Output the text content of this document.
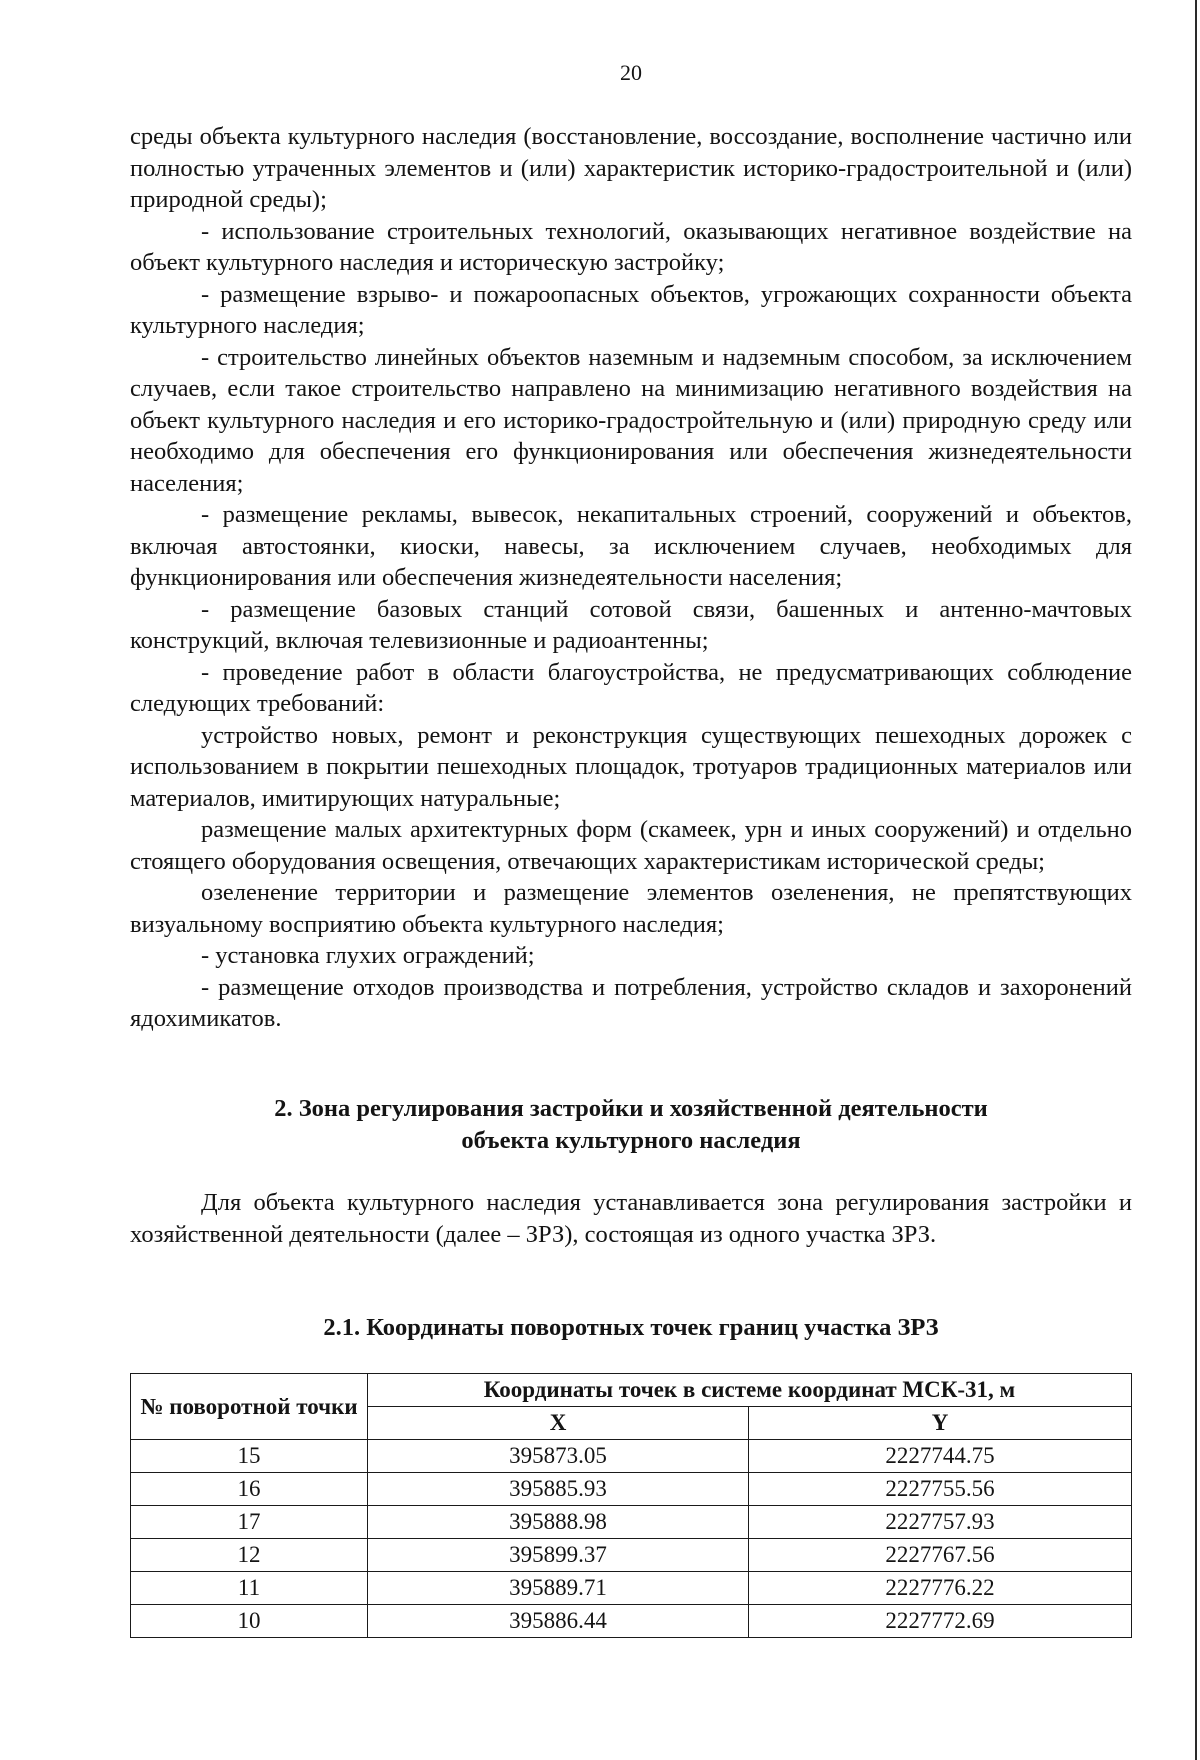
20

среды объекта культурного наследия (восстановление, воссоздание, восполнение частично или полностью утраченных элементов и (или) характеристик историко-градостроительной и (или) природной среды);

- использование строительных технологий, оказывающих негативное воздействие на объект культурного наследия и историческую застройку;

- размещение взрыво- и пожароопасных объектов, угрожающих сохранности объекта культурного наследия;

- строительство линейных объектов наземным и надземным способом, за исключением случаев, если такое строительство направлено на минимизацию негативного воздействия на объект культурного наследия и его историко-градостройтельную и (или) природную среду или необходимо для обеспечения его функционирования или обеспечения жизнедеятельности населения;

- размещение рекламы, вывесок, некапитальных строений, сооружений и объектов, включая автостоянки, киоски, навесы, за исключением случаев, необходимых для функционирования или обеспечения жизнедеятельности населения;

- размещение базовых станций сотовой связи, башенных и антенно-мачтовых конструкций, включая телевизионные и радиоантенны;

- проведение работ в области благоустройства, не предусматривающих соблюдение следующих требований:

устройство новых, ремонт и реконструкция существующих пешеходных дорожек с использованием в покрытии пешеходных площадок, тротуаров традиционных материалов или материалов, имитирующих натуральные;

размещение малых архитектурных форм (скамеек, урн и иных сооружений) и отдельно стоящего оборудования освещения, отвечающих характеристикам исторической среды;

озеленение территории и размещение элементов озеленения, не препятствующих визуальному восприятию объекта культурного наследия;

- установка глухих ограждений;

- размещение отходов производства и потребления, устройство складов и захоронений ядохимикатов.

2. Зона регулирования застройки и хозяйственной деятельности
объекта культурного наследия

Для объекта культурного наследия устанавливается зона регулирования застройки и хозяйственной деятельности (далее – ЗРЗ), состоящая из одного участка ЗРЗ.

2.1. Координаты поворотных точек границ участка ЗРЗ
№ поворотной точки	Координаты точек в системе координат МСК-31, м	
	X	Y
15	395873.05	2227744.75
16	395885.93	2227755.56
17	395888.98	2227757.93
12	395899.37	2227767.56
11	395889.71	2227776.22
10	395886.44	2227772.69
